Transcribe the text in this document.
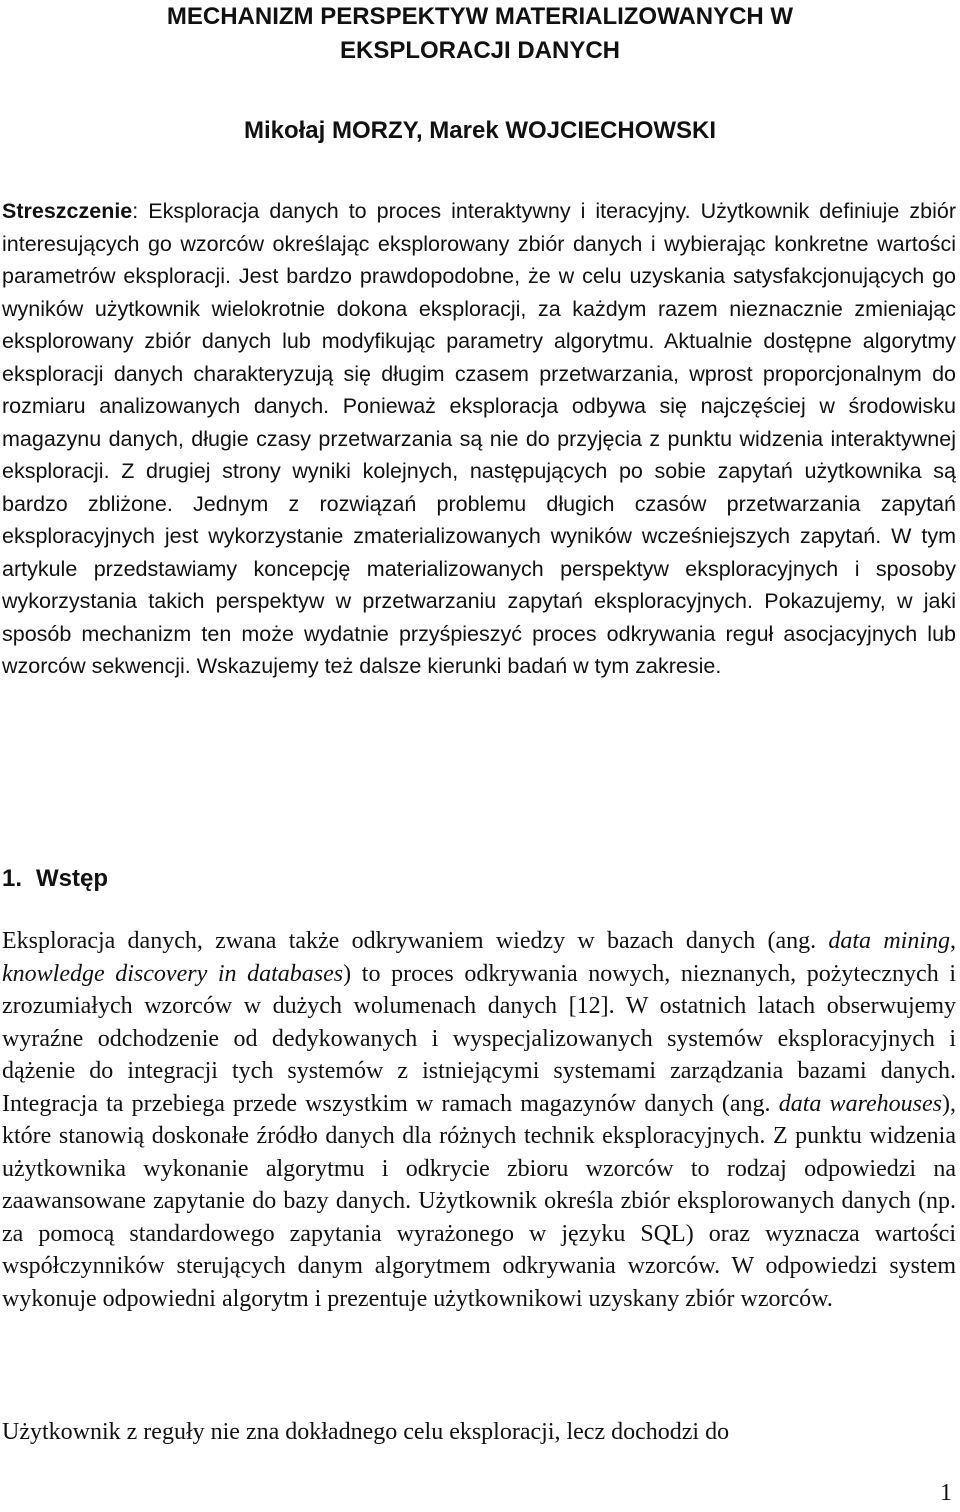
MECHANIZM PERSPEKTYW MATERIALIZOWANYCH W
EKSPLORACJI DANYCH

Mikołaj MORZY, Marek WOJCIECHOWSKI

Streszczenie: Eksploracja danych to proces interaktywny i iteracyjny. Użytkownik definiuje zbiór interesujących go wzorców określając eksplorowany zbiór danych i wybierając konkretne wartości parametrów eksploracji. Jest bardzo prawdopodobne, że w celu uzyskania satysfakcjonujących go wyników użytkownik wielokrotnie dokona eksploracji, za każdym razem nieznacznie zmieniając eksplorowany zbiór danych lub modyfikując parametry algorytmu. Aktualnie dostępne algorytmy eksploracji danych charakteryzują się długim czasem przetwarzania, wprost proporcjonalnym do rozmiaru analizowanych danych. Ponieważ eksploracja odbywa się najczęściej w środowisku magazynu danych, długie czasy przetwarzania są nie do przyjęcia z punktu widzenia interaktywnej eksploracji. Z drugiej strony wyniki kolejnych, następujących po sobie zapytań użytkownika są bardzo zbliżone. Jednym z rozwiązań problemu długich czasów przetwarzania zapytań eksploracyjnych jest wykorzystanie zmaterializowanych wyników wcześniejszych zapytań. W tym artykule przedstawiamy koncepcję materializowanych perspektyw eksploracyjnych i sposoby wykorzystania takich perspektyw w przetwarzaniu zapytań eksploracyjnych. Pokazujemy, w jaki sposób mechanizm ten może wydatnie przyśpieszyć proces odkrywania reguł asocjacyjnych lub wzorców sekwencji. Wskazujemy też dalsze kierunki badań w tym zakresie.

1. Wstęp

Eksploracja danych, zwana także odkrywaniem wiedzy w bazach danych (ang. data mining, knowledge discovery in databases) to proces odkrywania nowych, nieznanych, pożytecznych i zrozumiałych wzorców w dużych wolumenach danych [12]. W ostatnich latach obserwujemy wyraźne odchodzenie od dedykowanych i wyspecjalizowanych systemów eksploracyjnych i dążenie do integracji tych systemów z istniejącymi systemami zarządzania bazami danych. Integracja ta przebiega przede wszystkim w ramach magazynów danych (ang. data warehouses), które stanowią doskonałe źródło danych dla różnych technik eksploracyjnych. Z punktu widzenia użytkownika wykonanie algorytmu i odkrycie zbioru wzorców to rodzaj odpowiedzi na zaawansowane zapytanie do bazy danych. Użytkownik określa zbiór eksplorowanych danych (np. za pomocą standardowego zapytania wyrażonego w języku SQL) oraz wyznacza wartości współczynników sterujących danym algorytmem odkrywania wzorców. W odpowiedzi system wykonuje odpowiedni algorytm i prezentuje użytkownikowi uzyskany zbiór wzorców.

Użytkownik z reguły nie zna dokładnego celu eksploracji, lecz dochodzi do

1
